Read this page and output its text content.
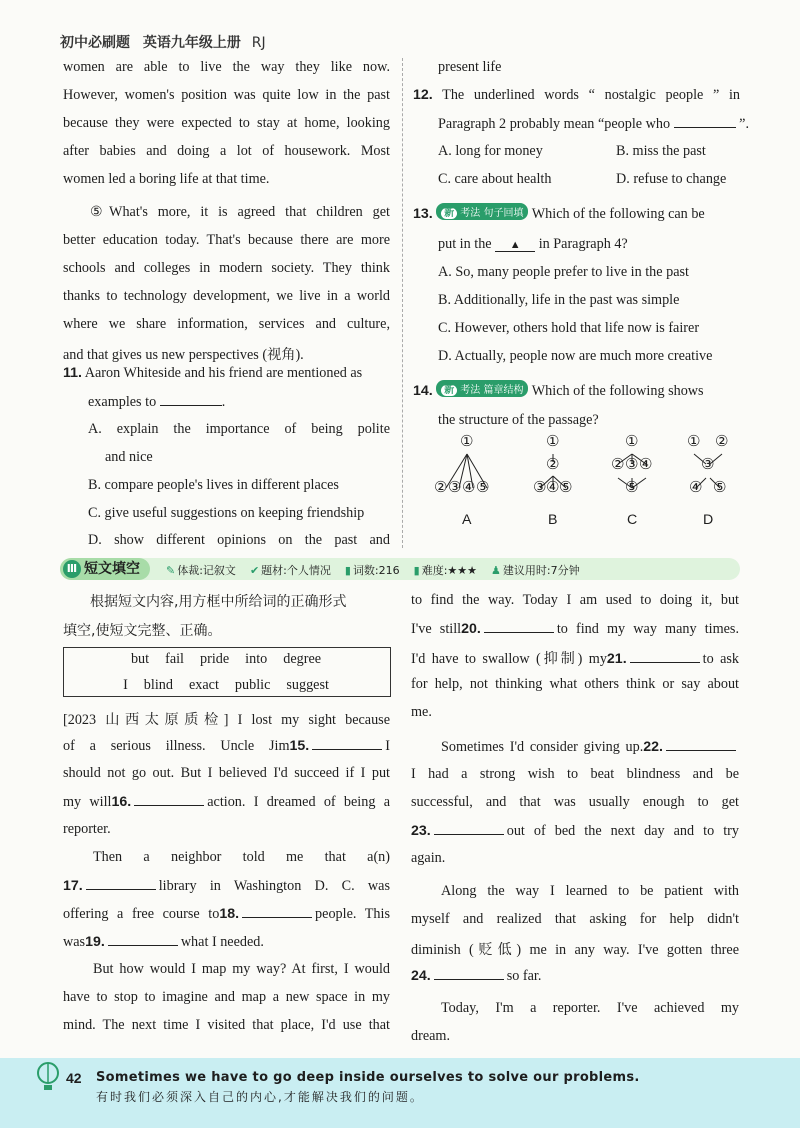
初中必刷题 英语九年级上册 RJ
women are able to live the way they like now.
However, women's position was quite low in the past
because they were expected to stay at home, looking
after babies and doing a lot of housework. Most
women led a boring life at that time.
⑤What's more, it is agreed that children get
better education today. That's because there are more
schools and colleges in modern society. They think
thanks to technology development, we live in a world
where we share information, services and culture,
and that gives us new perspectives (视角).
11. Aaron Whiteside and his friend are mentioned as
examples to	.
A. explain the importance of being polite
and nice
B. compare people's lives in different places
C. give useful suggestions on keeping friendship
D. show different opinions on the past and
present life
12. The underlined words “ nostalgic people ” in
Paragraph 2 probably mean “people who	”.
A. long for money	B. miss the past
C. care about health	D. refuse to change
13. 新 考法 句子回填 Which of the following can be
put in the ▲ in Paragraph 4?
A. So, many people prefer to live in the past
B. Additionally, life in the past was simple
C. However, others hold that life now is fairer
D. Actually, people now are much more creative
14. 新 考法 篇章结构 Which of the following shows
the structure of the passage?
①
② ③ ④ ⑤
①
②
③ ④ ⑤
①
② ③ ④
⑤
① ②
③
④ ⑤
A	B	C	D
Ⅲ 短文填空	✎ 体裁:记叙文 ✔ 题材:个人情况 ▮ 词数:216 ▮ 难度:★★★ ♟ 建议用时:7分钟
根据短文内容,用方框中所给词的正确形式
填空,使短文完整、正确。
but fail pride into degree
I blind exact public suggest
[2023 山西太原质检] I lost my sight because
of a serious illness. Uncle Jim15.	I
should not go out. But I believed I'd succeed if I put
my will16.	action. I dreamed of being a
reporter.
Then a neighbor told me that a(n)
17.	library in Washington D. C. was
offering a free course to18.	people. This
was19.	what I needed.
But how would I map my way? At first, I would
have to stop to imagine and map a new space in my
mind. The next time I visited that place, I'd use that
to find the way. Today I am used to doing it, but
I've still20.	to find my way many times.
I'd have to swallow (抑制) my21.	to ask
for help, not thinking what others think or say about
me.
Sometimes I'd consider giving up.22.
I had a strong wish to beat blindness and be
successful, and that was usually enough to get
23.	out of bed the next day and to try
again.
Along the way I learned to be patient with
myself and realized that asking for help didn't
diminish (贬低) me in any way. I've gotten three
24.	so far.
Today, I'm a reporter. I've achieved my
dream.
42 Sometimes we have to go deep inside ourselves to solve our problems.
有时我们必须深入自己的内心,才能解决我们的问题。
